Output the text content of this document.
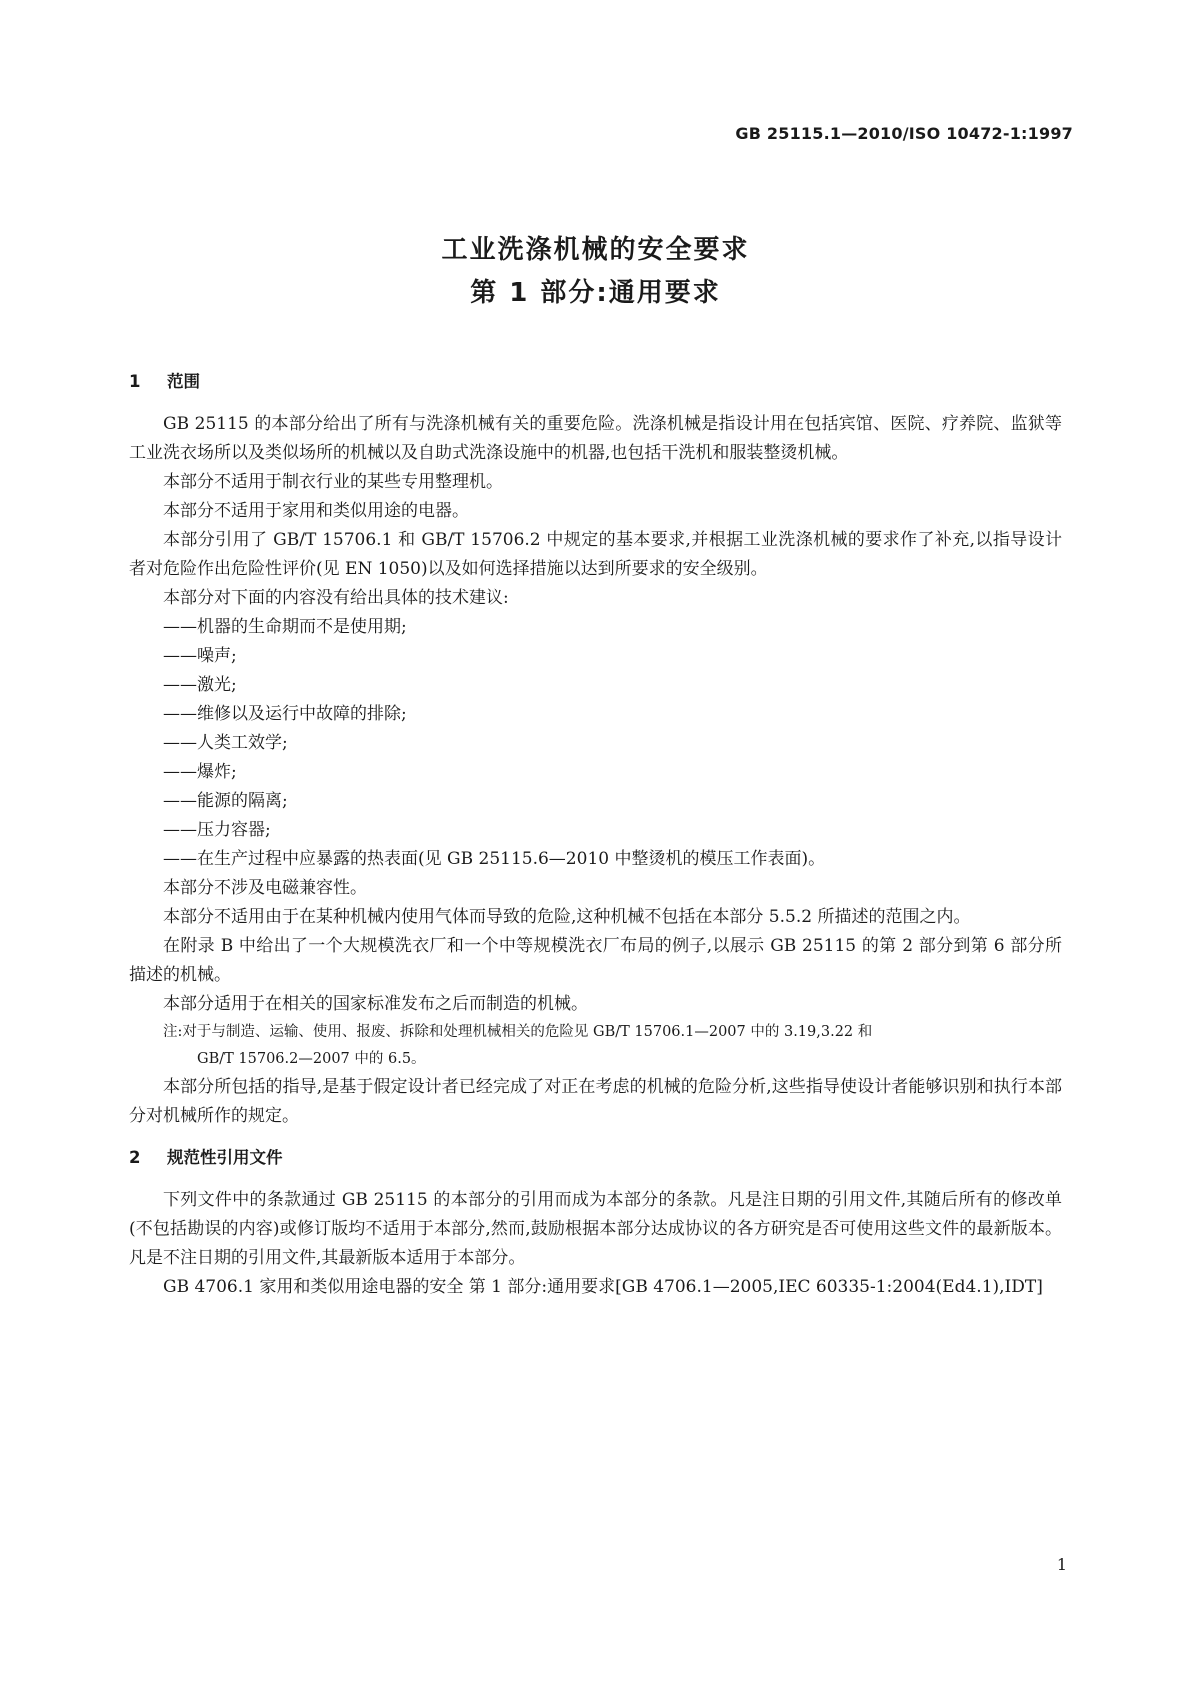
GB 25115.1—2010/ISO 10472-1:1997
工业洗涤机械的安全要求
第 1 部分:通用要求
1 范围

GB 25115 的本部分给出了所有与洗涤机械有关的重要危险。洗涤机械是指设计用在包括宾馆、医院、疗养院、监狱等工业洗衣场所以及类似场所的机械以及自助式洗涤设施中的机器,也包括干洗机和服装整烫机械。

本部分不适用于制衣行业的某些专用整理机。

本部分不适用于家用和类似用途的电器。

本部分引用了 GB/T 15706.1 和 GB/T 15706.2 中规定的基本要求,并根据工业洗涤机械的要求作了补充,以指导设计者对危险作出危险性评价(见 EN 1050)以及如何选择措施以达到所要求的安全级别。

本部分对下面的内容没有给出具体的技术建议:

——机器的生命期而不是使用期;
——噪声;
——激光;
——维修以及运行中故障的排除;
——人类工效学;
——爆炸;
——能源的隔离;
——压力容器;
——在生产过程中应暴露的热表面(见 GB 25115.6—2010 中整烫机的模压工作表面)。

本部分不涉及电磁兼容性。

本部分不适用由于在某种机械内使用气体而导致的危险,这种机械不包括在本部分 5.5.2 所描述的范围之内。

在附录 B 中给出了一个大规模洗衣厂和一个中等规模洗衣厂布局的例子,以展示 GB 25115 的第 2 部分到第 6 部分所描述的机械。

本部分适用于在相关的国家标准发布之后而制造的机械。

注:对于与制造、运输、使用、报废、拆除和处理机械相关的危险见 GB/T 15706.1—2007 中的 3.19,3.22 和
GB/T 15706.2—2007 中的 6.5。

本部分所包括的指导,是基于假定设计者已经完成了对正在考虑的机械的危险分析,这些指导使设计者能够识别和执行本部分对机械所作的规定。

2 规范性引用文件

下列文件中的条款通过 GB 25115 的本部分的引用而成为本部分的条款。凡是注日期的引用文件,其随后所有的修改单(不包括勘误的内容)或修订版均不适用于本部分,然而,鼓励根据本部分达成协议的各方研究是否可使用这些文件的最新版本。凡是不注日期的引用文件,其最新版本适用于本部分。

GB 4706.1 家用和类似用途电器的安全 第 1 部分:通用要求[GB 4706.1—2005,IEC 60335-1:2004(Ed4.1),IDT]

1
